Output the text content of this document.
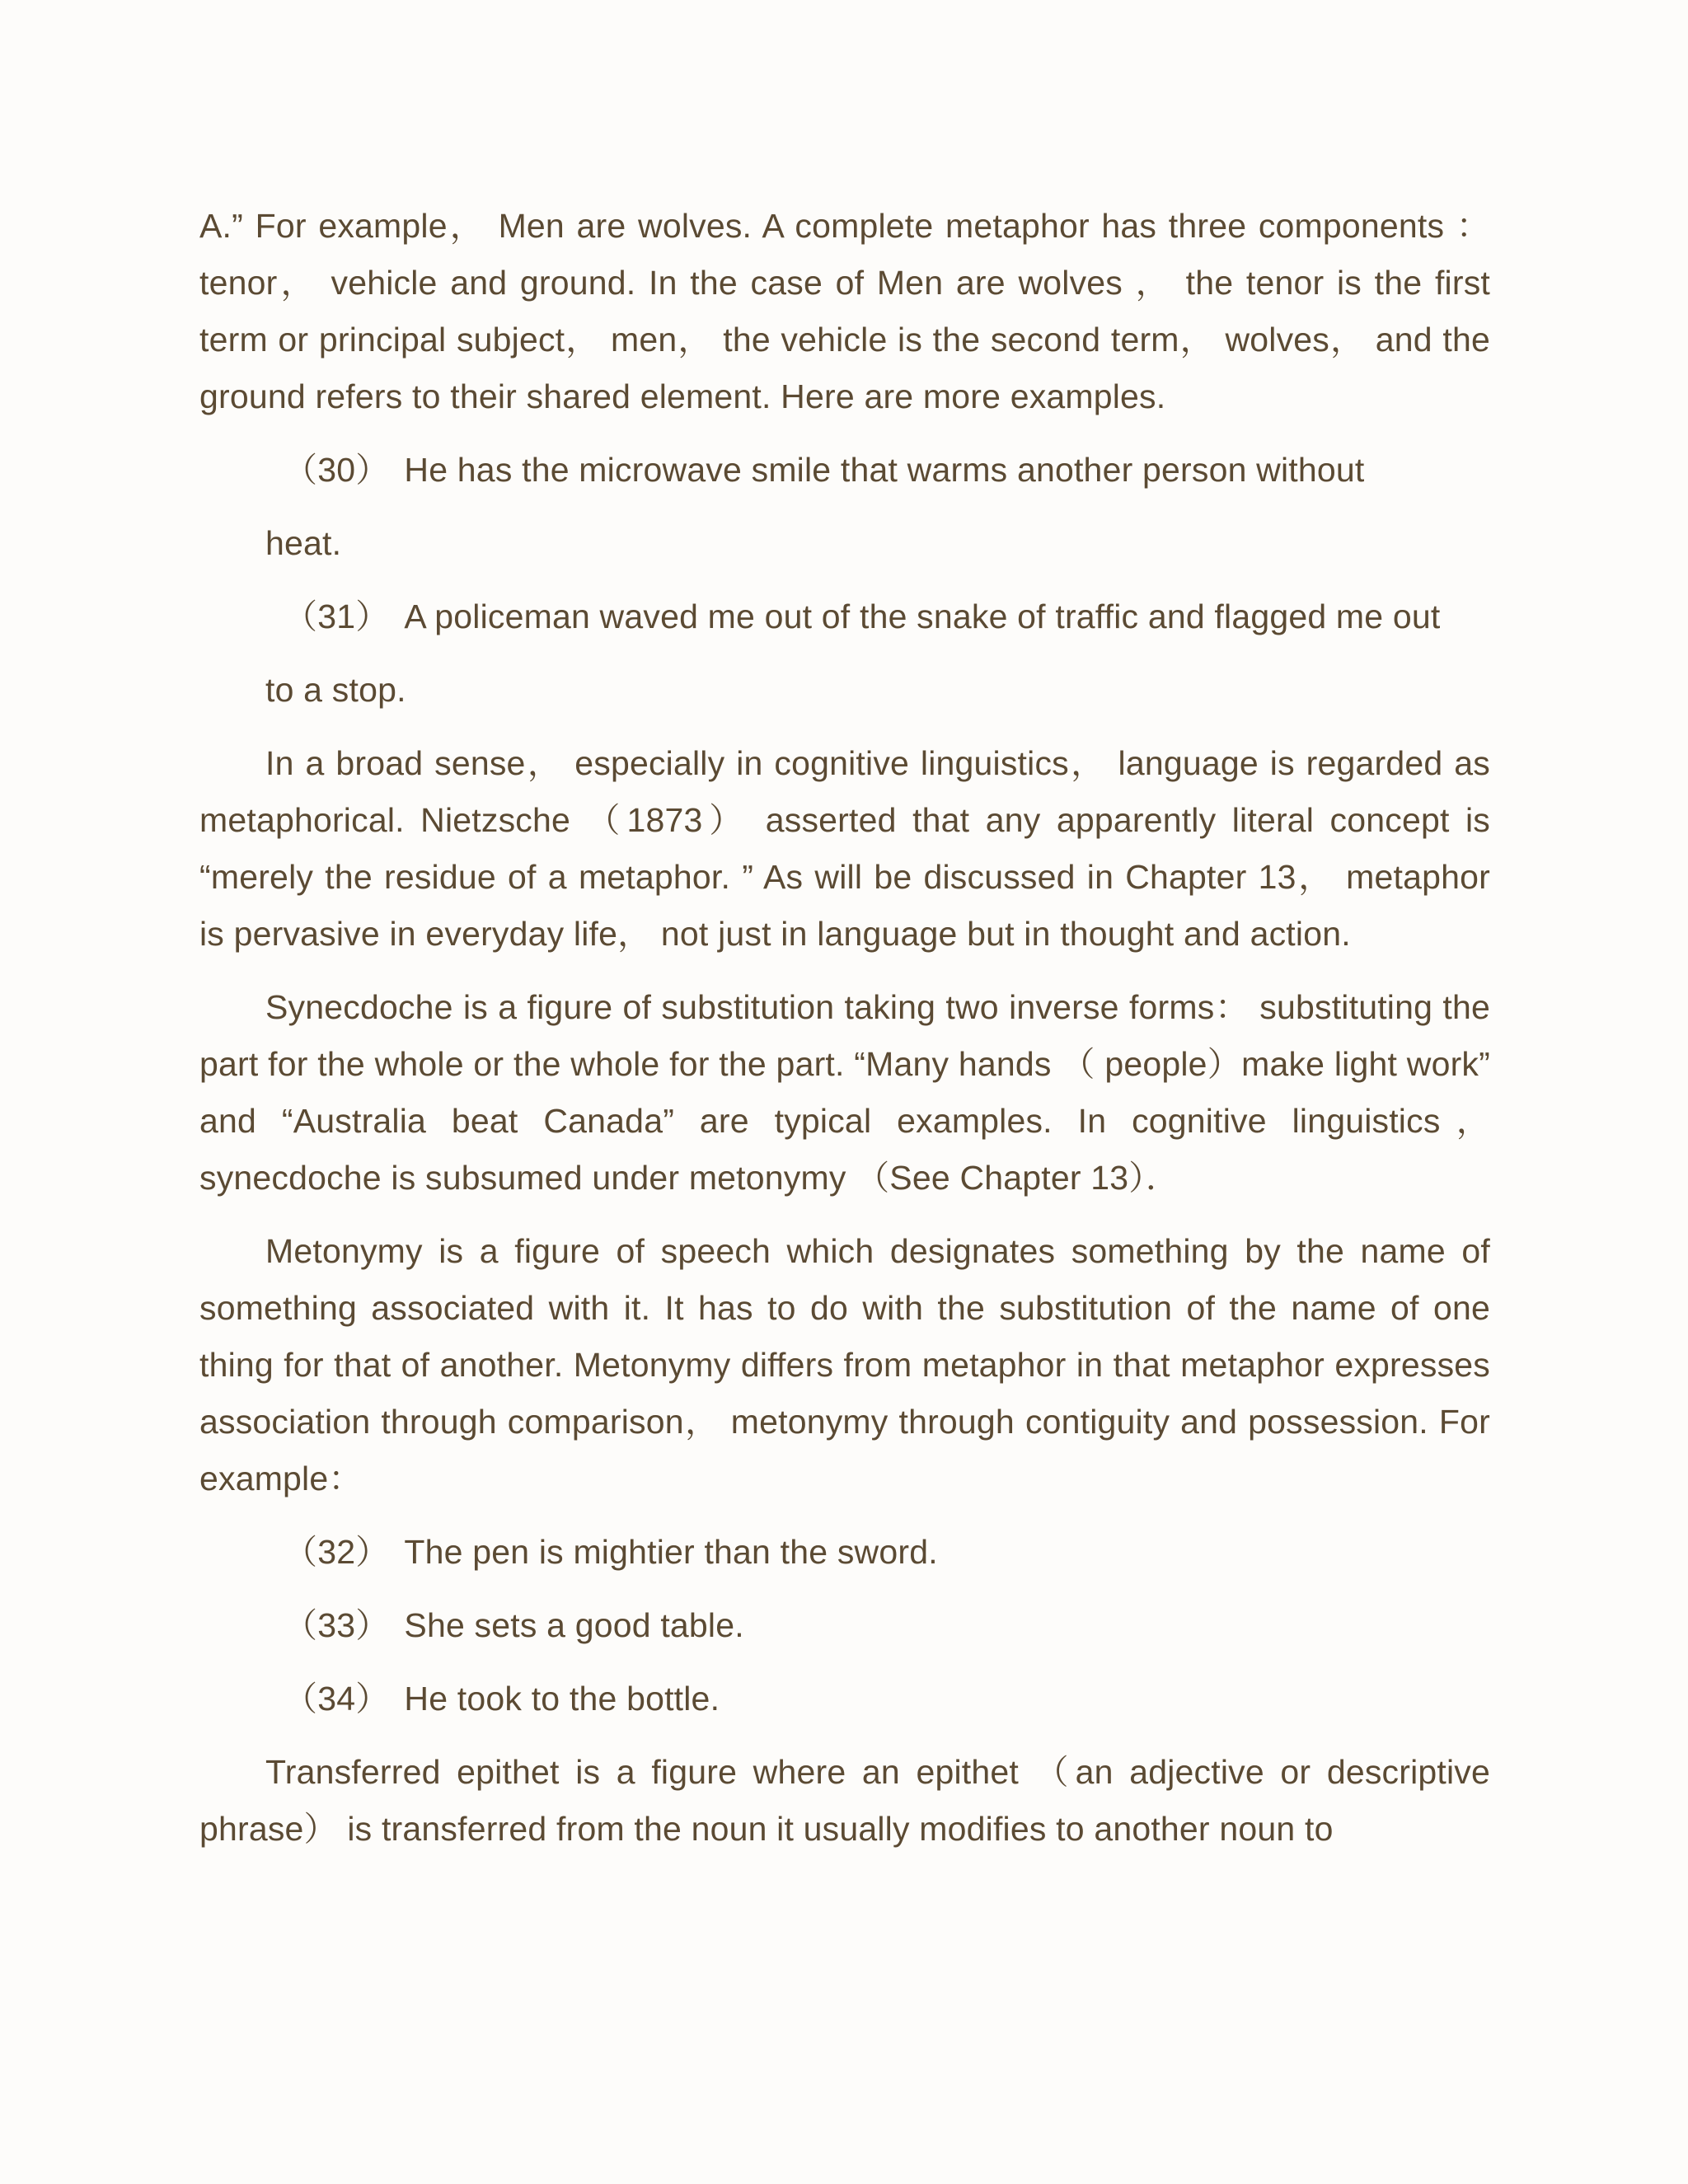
A.” For example， Men are wolves. A complete metaphor has three components ： tenor， vehicle and ground. In the case of Men are wolves ， the tenor is the first term or principal subject， men， the vehicle is the second term， wolves， and the ground refers to their shared element. Here are more examples.

（30） He has the microwave smile that warms another person without
heat.
（31） A policeman waved me out of the snake of traffic and flagged me out
to a stop.

In a broad sense， especially in cognitive linguistics， language is regarded as metaphorical. Nietzsche （1873） asserted that any apparently literal concept is “merely the residue of a metaphor. ” As will be discussed in Chapter 13， metaphor is pervasive in everyday life， not just in language but in thought and action.

Synecdoche is a figure of substitution taking two inverse forms： substituting the part for the whole or the whole for the part. “Many hands （ people）make light work” and “Australia beat Canada” are typical examples. In cognitive linguistics， synecdoche is subsumed under metonymy （See Chapter 13）．

Metonymy is a figure of speech which designates something by the name of something associated with it. It has to do with the substitution of the name of one thing for that of another. Metonymy differs from metaphor in that metaphor expresses association through comparison， metonymy through contiguity and possession. For example：

（32） The pen is mightier than the sword.
（33） She sets a good table.
（34） He took to the bottle.

Transferred epithet is a figure where an epithet （an adjective or descriptive phrase） is transferred from the noun it usually modifies to another noun to
